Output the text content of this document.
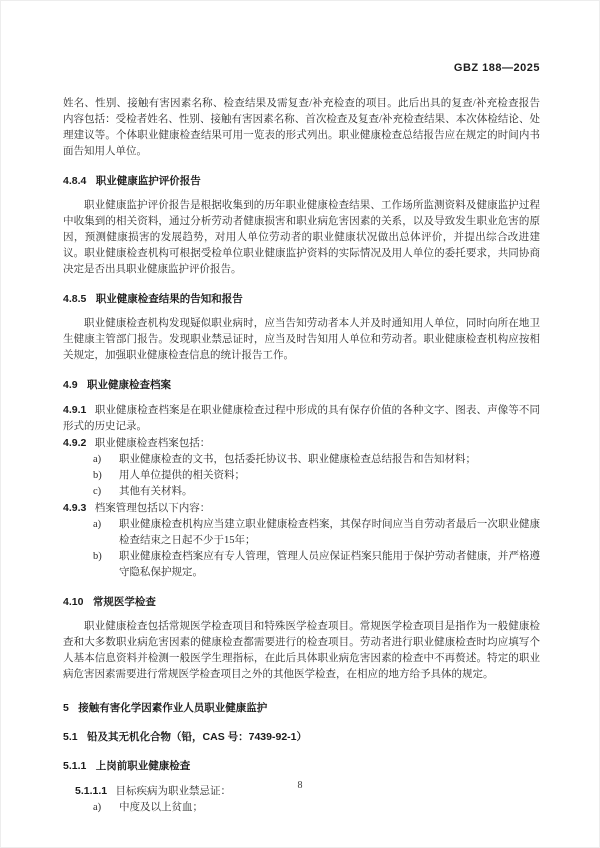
GBZ 188—2025

姓名、性别、接触有害因素名称、检查结果及需复查/补充检查的项目。此后出具的复查/补充检查报告内容包括：受检者姓名、性别、接触有害因素名称、首次检查及复查/补充检查结果、本次体检结论、处理建议等。个体职业健康检查结果可用一览表的形式列出。职业健康检查总结报告应在规定的时间内书面告知用人单位。

4.8.4 职业健康监护评价报告

职业健康监护评价报告是根据收集到的历年职业健康检查结果、工作场所监测资料及健康监护过程中收集到的相关资料，通过分析劳动者健康损害和职业病危害因素的关系，以及导致发生职业危害的原因，预测健康损害的发展趋势，对用人单位劳动者的职业健康状况做出总体评价，并提出综合改进建议。职业健康检查机构可根据受检单位职业健康监护资料的实际情况及用人单位的委托要求，共同协商决定是否出具职业健康监护评价报告。

4.8.5 职业健康检查结果的告知和报告

职业健康检查机构发现疑似职业病时，应当告知劳动者本人并及时通知用人单位，同时向所在地卫生健康主管部门报告。发现职业禁忌证时，应当及时告知用人单位和劳动者。职业健康检查机构应按相关规定，加强职业健康检查信息的统计报告工作。

4.9 职业健康检查档案

4.9.1 职业健康检查档案是在职业健康检查过程中形成的具有保存价值的各种文字、图表、声像等不同形式的历史记录。

4.9.2 职业健康检查档案包括：

a)	职业健康检查的文书，包括委托协议书、职业健康检查总结报告和告知材料；
b)	用人单位提供的相关资料；
c)	其他有关材料。

4.9.3 档案管理包括以下内容：

a)	职业健康检查机构应当建立职业健康检查档案，其保存时间应当自劳动者最后一次职业健康检查结束之日起不少于15年；
b)	职业健康检查档案应有专人管理，管理人员应保证档案只能用于保护劳动者健康，并严格遵守隐私保护规定。
4.10 常规医学检查

职业健康检查包括常规医学检查项目和特殊医学检查项目。常规医学检查项目是指作为一般健康检查和大多数职业病危害因素的健康检查都需要进行的检查项目。劳动者进行职业健康检查时均应填写个人基本信息资料并检测一般医学生理指标，在此后具体职业病危害因素的检查中不再赘述。特定的职业病危害因素需要进行常规医学检查项目之外的其他医学检查，在相应的地方给予具体的规定。

5 接触有害化学因素作业人员职业健康监护
5.1 铅及其无机化合物（铅，CAS 号：7439-92-1）
5.1.1 上岗前职业健康检查

5.1.1.1 目标疾病为职业禁忌证：

a)	中度及以上贫血；
8
